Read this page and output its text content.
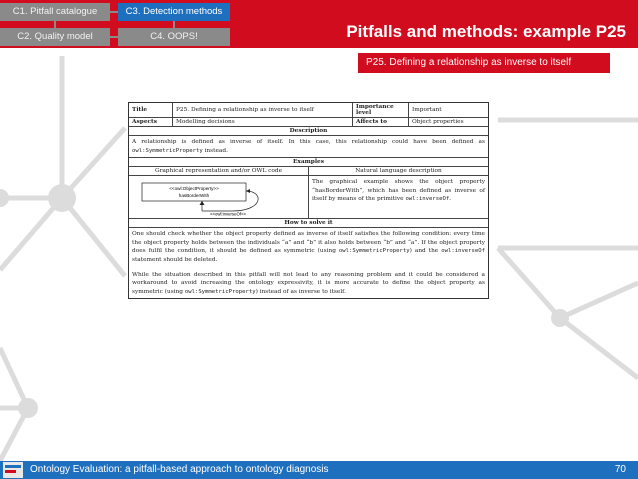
C1. Pitfall catalogue	C3. Detection methods
C2. Quality model	C4. OOPS!	Pitfalls and methods: example P25
P25. Defining a relationship as inverse to itself
Title	P25. Defining a relationship as inverse to itself	Importance level	Important
Aspects	Modelling decisions	Affects to	Object properties
Description
A relationship is defined as inverse of itself. In this case, this relationship could have been defined as owl:SymmetricProperty instead.
Examples
Graphical representation and/or OWL code	Natural language description
<<owl:ObjectProperty>>
hasBorderWith
<<owl:inverseOf>>
The graphical example shows the object property “hasBorderWith”, which has been defined as inverse of itself by means of the primitive owl:inverseOf.
How to solve it
One should check whether the object property defined as inverse of itself satisfies the following condition: every time the object property holds between the individuals “a” and “b” it also holds between “b” and “a”. If the object property does fulfil the condition, it should be defined as symmetric (using owl:SymmetricProperty) and the owl:inverseOf statement should be deleted.
While the situation described in this pitfall will not lead to any reasoning problem and it could be considered a workaround to avoid increasing the ontology expressivity, it is more accurate to define the object property as symmetric (using owl:SymmetricProperty) instead of as inverse to itself.
Ontology Evaluation: a pitfall-based approach to ontology diagnosis	70
